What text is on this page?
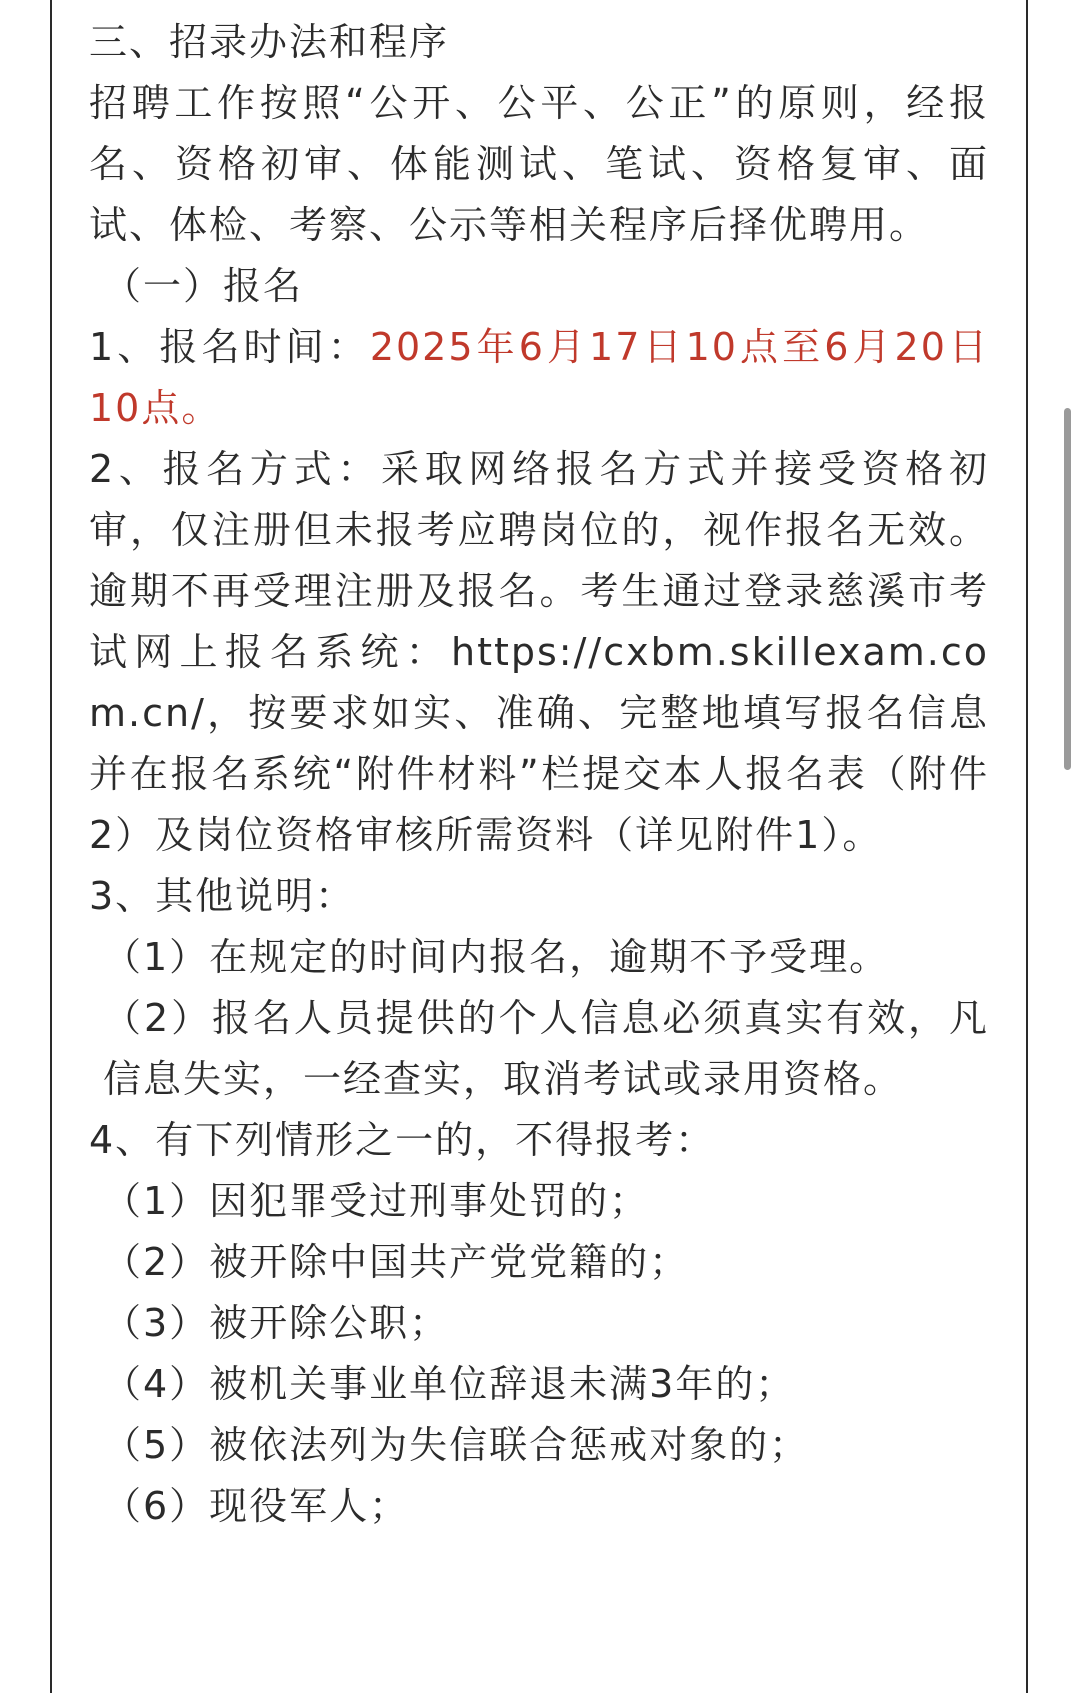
三、招录办法和程序

招聘工作按照“公开、公平、公正”的原则，经报名、资格初审、体能测试、笔试、资格复审、面试、体检、考察、公示等相关程序后择优聘用。

（一）报名

1、报名时间：2025年6月17日10点至6月20日10点。

2、报名方式：采取网络报名方式并接受资格初审，仅注册但未报考应聘岗位的，视作报名无效。逾期不再受理注册及报名。考生通过登录慈溪市考试网上报名系统：https://cxbm.skillexam.com.cn/，按要求如实、准确、完整地填写报名信息并在报名系统“附件材料”栏提交本人报名表（附件2）及岗位资格审核所需资料（详见附件1）。

3、其他说明：

（1）在规定的时间内报名，逾期不予受理。

（2）报名人员提供的个人信息必须真实有效，凡信息失实，一经查实，取消考试或录用资格。

4、有下列情形之一的，不得报考：

（1）因犯罪受过刑事处罚的；

（2）被开除中国共产党党籍的；

（3）被开除公职；

（4）被机关事业单位辞退未满3年的；

（5）被依法列为失信联合惩戒对象的；

（6）现役军人；
